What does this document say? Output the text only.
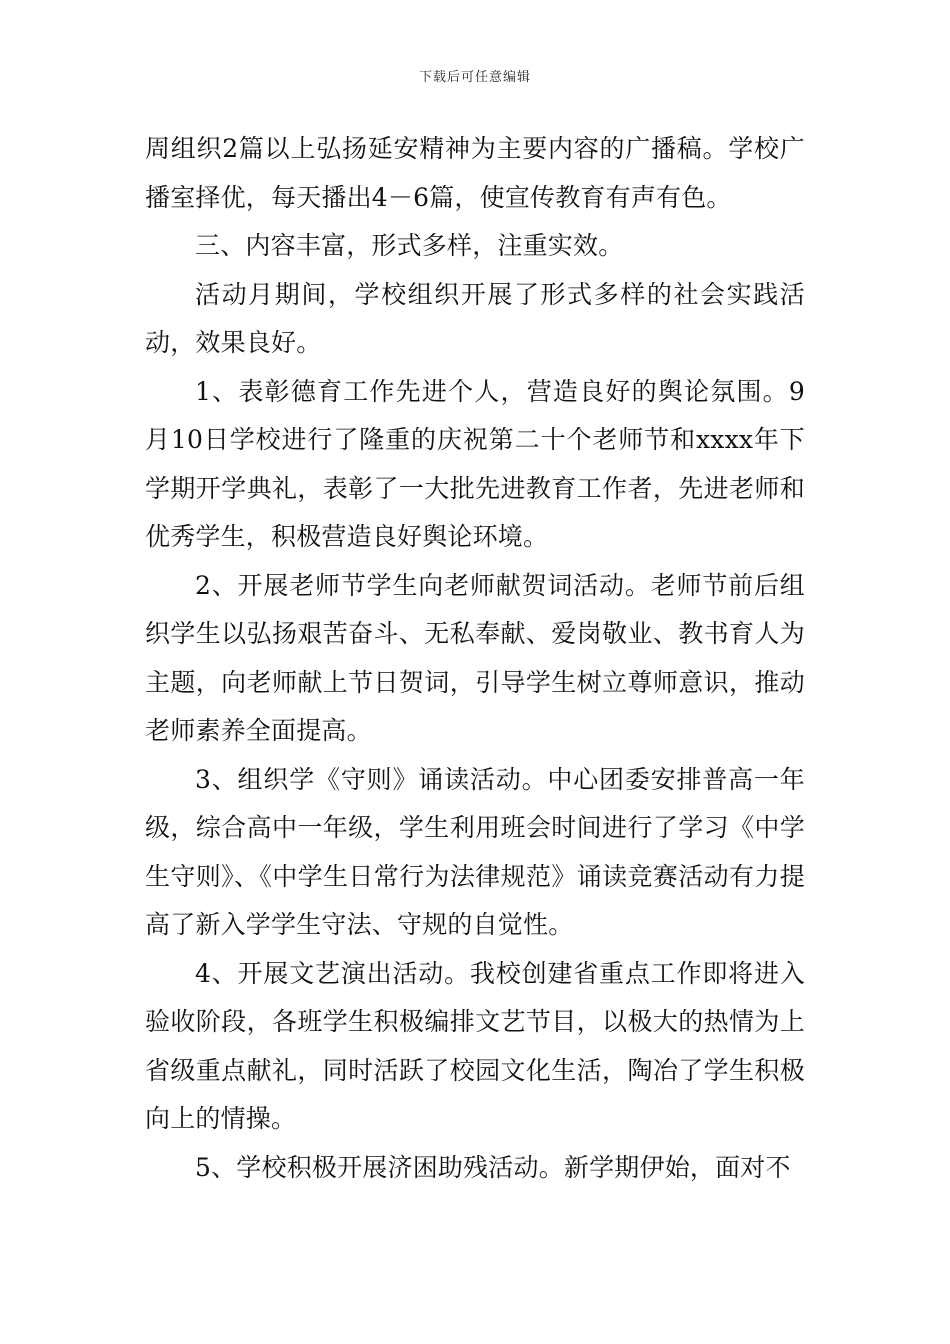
下载后可任意编辑

周组织2篇以上弘扬延安精神为主要内容的广播稿。学校广播室择优，每天播出4－6篇，使宣传教育有声有色。

三、内容丰富，形式多样，注重实效。

活动月期间，学校组织开展了形式多样的社会实践活动，效果良好。

1、表彰德育工作先进个人，营造良好的舆论氛围。9月10日学校进行了隆重的庆祝第二十个老师节和xxxx年下学期开学典礼，表彰了一大批先进教育工作者，先进老师和优秀学生，积极营造良好舆论环境。

2、开展老师节学生向老师献贺词活动。老师节前后组织学生以弘扬艰苦奋斗、无私奉献、爱岗敬业、教书育人为主题，向老师献上节日贺词，引导学生树立尊师意识，推动老师素养全面提高。

3、组织学《守则》诵读活动。中心团委安排普高一年级，综合高中一年级，学生利用班会时间进行了学习《中学生守则》、《中学生日常行为法律规范》诵读竞赛活动有力提高了新入学学生守法、守规的自觉性。

4、开展文艺演出活动。我校创建省重点工作即将进入验收阶段，各班学生积极编排文艺节目，以极大的热情为上省级重点献礼，同时活跃了校园文化生活，陶冶了学生积极向上的情操。

5、学校积极开展济困助残活动。新学期伊始，面对不
